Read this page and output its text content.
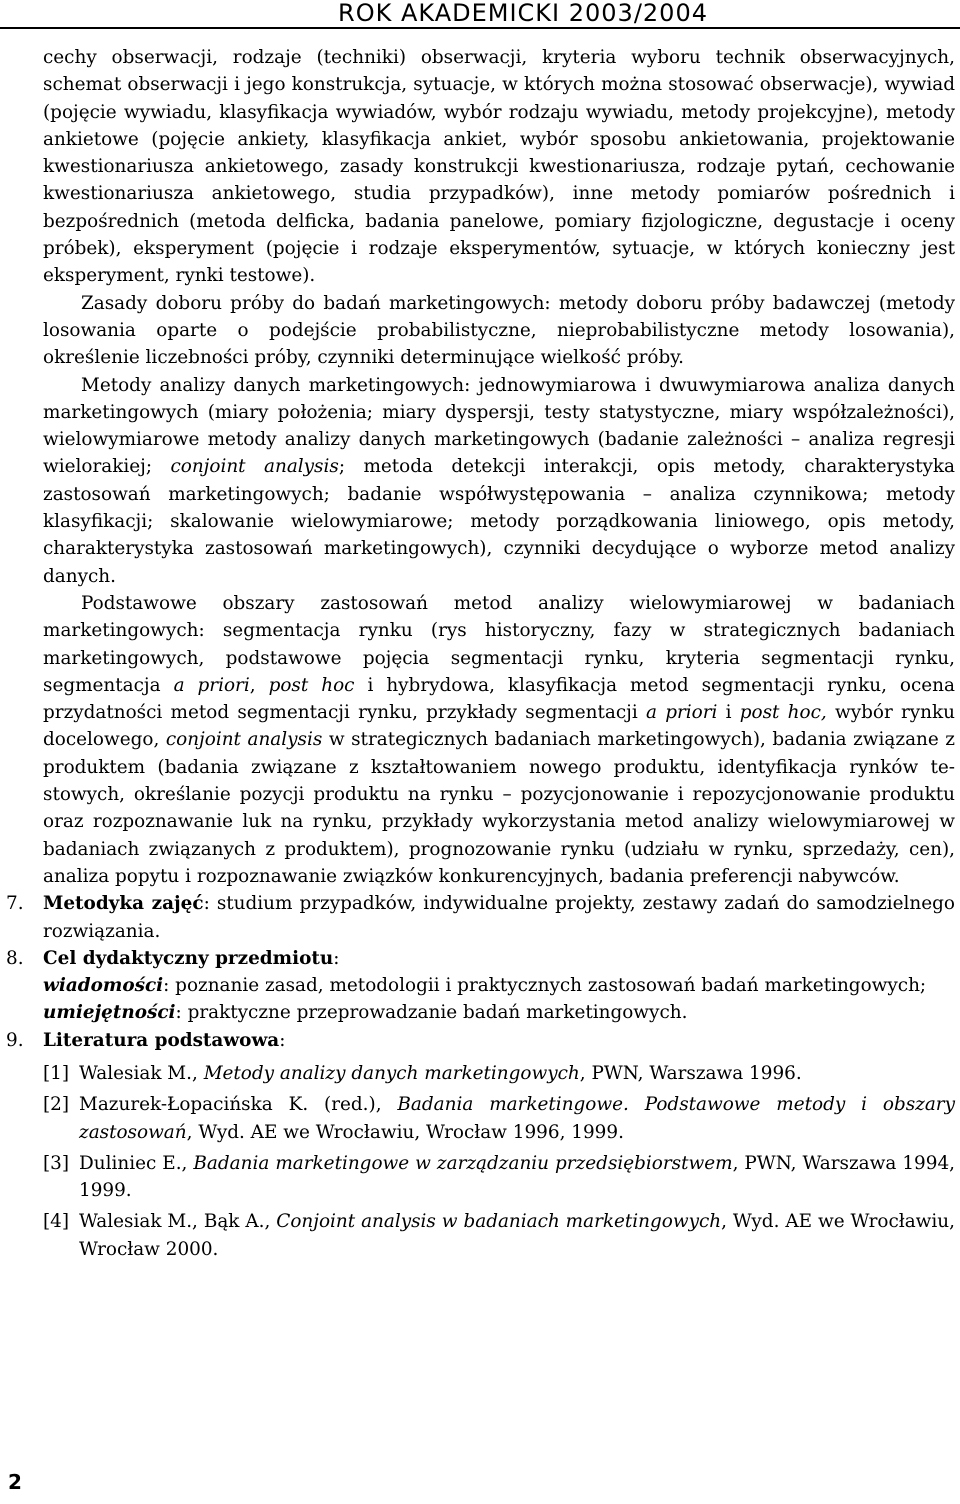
ROK AKADEMICKI 2003/2004

cechy obserwacji, rodzaje (techniki) obserwacji, kryteria wyboru technik obserwacyjnych, schemat obserwacji i jego konstrukcja, sytuacje, w których można stosować obserwacje), wywiad (pojęcie wywiadu, klasyfikacja wywiadów, wybór rodzaju wywiadu, metody projekcyjne), metody ankietowe (pojęcie ankiety, klasyfikacja ankiet, wybór sposobu ankietowania, projektowanie kwestionariusza ankietowego, zasady konstrukcji kwestionariusza, rodzaje pytań, cechowanie kwestionariusza ankietowego, studia przypadków), inne metody pomiarów pośrednich i bezpośrednich (metoda delficka, badania panelowe, pomiary fizjologiczne, degustacje i oceny próbek), eksperyment (pojęcie i rodzaje eksperymentów, sytuacje, w których konieczny jest eksperyment, rynki testowe).

Zasady doboru próby do badań marketingowych: metody doboru próby badawczej (metody losowania oparte o podejście probabilistyczne, nieprobabilistyczne metody losowania), określenie liczebności próby, czynniki determinujące wielkość próby.

Metody analizy danych marketingowych: jednowymiarowa i dwuwymiarowa analiza danych marketingowych (miary położenia; miary dyspersji, testy statystyczne, miary współzależności), wielowymiarowe metody analizy danych marketingowych (badanie zależności – analiza regresji wielorakiej; conjoint analysis; metoda detekcji interakcji, opis metody, charakterystyka zastosowań marketingowych; badanie współwystępowania – analiza czynnikowa; metody klasyfikacji; skalowanie wielowymiarowe; metody porządkowania liniowego, opis metody, charakterystyka zastosowań marketingowych), czynniki decydujące o wyborze metod analizy danych.

Podstawowe obszary zastosowań metod analizy wielowymiarowej w badaniach marketingowych: segmentacja rynku (rys historyczny, fazy w strategicznych badaniach marketingowych, podstawowe pojęcia segmentacji rynku, kryteria segmentacji rynku, segmentacja a priori, post hoc i hybrydowa, klasyfikacja metod segmentacji rynku, ocena przydatności metod segmentacji rynku, przykłady segmentacji a priori i post hoc, wybór rynku docelowego, conjoint analysis w strategicznych badaniach marketingowych), badania związane z produktem (badania związane z kształtowaniem nowego produktu, identyfikacja rynków testowych, określanie pozycji produktu na rynku – pozycjonowanie i repozycjonowanie produktu oraz rozpoznawanie luk na rynku, przykłady wykorzystania metod analizy wielowymiarowej w badaniach związanych z produktem), prognozowanie rynku (udziału w rynku, sprzedaży, cen), analiza popytu i rozpoznawanie związków konkurencyjnych, badania preferencji nabywców.

7. Metodyka zajęć: studium przypadków, indywidualne projekty, zestawy zadań do samodzielnego rozwiązania.

8. Cel dydaktyczny przedmiotu:

wiadomości: poznanie zasad, metodologii i praktycznych zastosowań badań marketingowych;

umiejętności: praktyczne przeprowadzanie badań marketingowych.

9. Literatura podstawowa:

[1] Walesiak M., Metody analizy danych marketingowych, PWN, Warszawa 1996.

[2] Mazurek-Łopacińska K. (red.), Badania marketingowe. Podstawowe metody i obszary zastosowań, Wyd. AE we Wrocławiu, Wrocław 1996, 1999.

[3] Duliniec E., Badania marketingowe w zarządzaniu przedsiębiorstwem, PWN, Warszawa 1994, 1999.

[4] Walesiak M., Bąk A., Conjoint analysis w badaniach marketingowych, Wyd. AE we Wrocławiu, Wrocław 2000.

2
